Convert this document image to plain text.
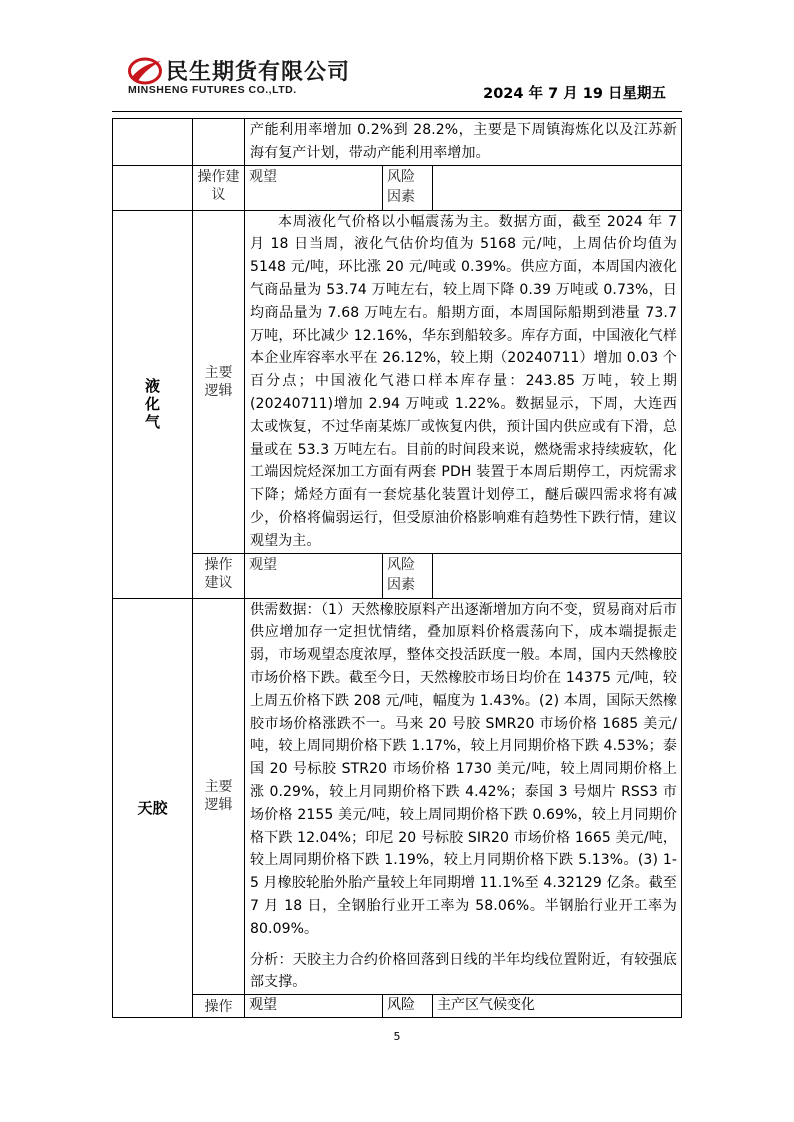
民生期货有限公司
MINSHENG FUTURES CO.,LTD.	2024 年 7 月 19 日星期五

		产能利用率增加 0.2%到 28.2%，主要是下周镇海炼化以及江苏新海有复产计划，带动产能利用率增加。		

	操作建议	观望	风险因素	
液化气	主要逻辑	本周液化气价格以小幅震荡为主。数据方面，截至 2024 年 7 月 18 日当周，液化气估价均值为 5168 元/吨，上周估价均值为 5148 元/吨，环比涨 20 元/吨或 0.39%。供应方面，本周国内液化气商品量为 53.74 万吨左右，较上周下降 0.39 万吨或 0.73%，日均商品量为 7.68 万吨左右。船期方面，本周国际船期到港量 73.7 万吨，环比减少 12.16%，华东到船较多。库存方面，中国液化气样本企业库容率水平在 26.12%，较上期（20240711）增加 0.03 个百分点；中国液化气港口样本库存量：243.85 万吨，较上期(20240711)增加 2.94 万吨或 1.22%。数据显示，下周，大连西太或恢复，不过华南某炼厂或恢复内供，预计国内供应或有下滑，总量或在 53.3 万吨左右。目前的时间段来说，燃烧需求持续疲软，化工端因烷烃深加工方面有两套 PDH 装置于本周后期停工，丙烷需求下降；烯烃方面有一套烷基化装置计划停工，醚后碳四需求将有减少，价格将偏弱运行，但受原油价格影响难有趋势性下跌行情，建议观望为主。		

	操作建议	观望	风险因素	
天胶	主要逻辑	供需数据：（1）天然橡胶原料产出逐渐增加方向不变，贸易商对后市供应增加存一定担忧情绪，叠加原料价格震荡向下，成本端提振走弱，市场观望态度浓厚，整体交投活跃度一般。本周，国内天然橡胶市场价格下跌。截至今日，天然橡胶市场日均价在 14375 元/吨，较上周五价格下跌 208 元/吨，幅度为 1.43%。(2) 本周，国际天然橡胶市场价格涨跌不一。马来 20 号胶 SMR20 市场价格 1685 美元/吨，较上周同期价格下跌 1.17%，较上月同期价格下跌 4.53%；泰国 20 号标胶 STR20 市场价格 1730 美元/吨，较上周同期价格上涨 0.29%，较上月同期价格下跌 4.42%；泰国 3 号烟片 RSS3 市场价格 2155 美元/吨，较上周同期价格下跌 0.69%，较上月同期价格下跌 12.04%；印尼 20 号标胶 SIR20 市场价格 1665 美元/吨，较上周同期价格下跌 1.19%，较上月同期价格下跌 5.13%。(3) 1-5 月橡胶轮胎外胎产量较上年同期增 11.1%至 4.32129 亿条。截至 7 月 18 日，全钢胎行业开工率为 58.06%。半钢胎行业开工率为 80.09%。

分析：天胶主力合约价格回落到日线的半年均线位置附近，有较强底部支撑。		

	操作	观望	风险	主产区气候变化
5
